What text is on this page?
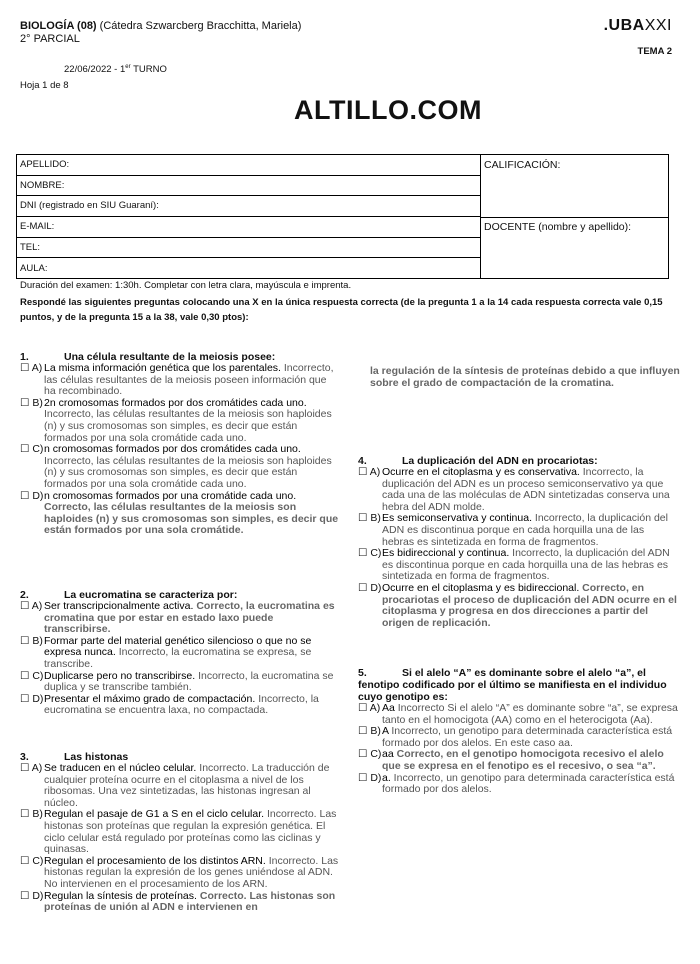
BIOLOGÍA (08) (Cátedra Szwarcberg Bracchitta, Mariela)
2° PARCIAL
.UBAXXI
TEMA 2
22/06/2022 - 1er TURNO
Hoja 1 de 8
ALTILLO.COM
APELLIDO:
NOMBRE:
DNI (registrado en SIU Guaraní):
E-MAIL:
TEL:
AULA:
CALIFICACIÓN:
DOCENTE (nombre y apellido):
Duración del examen: 1:30h. Completar con letra clara, mayúscula e imprenta.
Respondé las siguientes preguntas colocando una X en la única respuesta correcta (de la pregunta 1 a la 14 cada respuesta correcta vale 0,15 puntos, y de la pregunta 15 a la 38, vale 0,30 ptos):
1.	Una célula resultante de la meiosis posee:
☐ A) La misma información genética que los parentales. Incorrecto, las células resultantes de la meiosis poseen información que ha recombinado.
☐ B) 2n cromosomas formados por dos cromátides cada uno. Incorrecto, las células resultantes de la meiosis son haploides (n) y sus cromosomas son simples, es decir que están formados por una sola cromátide cada uno.
☐ C) n cromosomas formados por dos cromátides cada uno. Incorrecto, las células resultantes de la meiosis son haploides (n) y sus cromosomas son simples, es decir que están formados por una sola cromátide cada uno.
☐ D) n cromosomas formados por una cromátide cada uno. Correcto, las células resultantes de la meiosis son haploides (n) y sus cromosomas son simples, es decir que están formados por una sola cromátide.
2.	La eucromatina se caracteriza por:
☐ A) Ser transcripcionalmente activa. Correcto, la eucromatina es cromatina que por estar en estado laxo puede transcribirse.
☐ B) Formar parte del material genético silencioso o que no se expresa nunca. Incorrecto, la eucromatina se expresa, se transcribe.
☐ C) Duplicarse pero no transcribirse. Incorrecto, la eucromatina se duplica y se transcribe también.
☐ D) Presentar el máximo grado de compactación. Incorrecto, la eucromatina se encuentra laxa, no compactada.
3.	Las histonas
☐ A) Se traducen en el núcleo celular. Incorrecto. La traducción de cualquier proteína ocurre en el citoplasma a nivel de los ribosomas. Una vez sintetizadas, las histonas ingresan al núcleo.
☐ B) Regulan el pasaje de G1 a S en el ciclo celular. Incorrecto. Las histonas son proteínas que regulan la expresión genética. El ciclo celular está regulado por proteínas como las ciclinas y quinasas.
☐ C) Regulan el procesamiento de los distintos ARN. Incorrecto. Las histonas regulan la expresión de los genes uniéndose al ADN. No intervienen en el procesamiento de los ARN.
☐ D) Regulan la síntesis de proteínas. Correcto. Las histonas son proteínas de unión al ADN e intervienen en
la regulación de la síntesis de proteínas debido a que influyen sobre el grado de compactación de la cromatina.
4.	La duplicación del ADN en procariotas:
☐ A) Ocurre en el citoplasma y es conservativa. Incorrecto, la duplicación del ADN es un proceso semiconservativo ya que cada una de las moléculas de ADN sintetizadas conserva una hebra del ADN molde.
☐ B) Es semiconservativa y continua. Incorrecto, la duplicación del ADN es discontinua porque en cada horquilla una de las hebras es sintetizada en forma de fragmentos.
☐ C) Es bidireccional y continua. Incorrecto, la duplicación del ADN es discontinua porque en cada horquilla una de las hebras es sintetizada en forma de fragmentos.
☐ D) Ocurre en el citoplasma y es bidireccional. Correcto, en procariotas el proceso de duplicación del ADN ocurre en el citoplasma y progresa en dos direcciones a partir del origen de replicación.
5.	Si el alelo “A” es dominante sobre el alelo “a”, el fenotipo codificado por el último se manifiesta en el individuo cuyo genotipo es:
☐ A) Aa Incorrecto Si el alelo “A” es dominante sobre “a”, se expresa tanto en el homocigota (AA) como en el heterocigota (Aa).
☐ B) A Incorrecto, un genotipo para determinada característica está formado por dos alelos. En este caso aa.
☐ C) aa Correcto, en el genotipo homocigota recesivo el alelo que se expresa en el fenotipo es el recesivo, o sea “a”.
☐ D) a. Incorrecto, un genotipo para determinada característica está formado por dos alelos.
